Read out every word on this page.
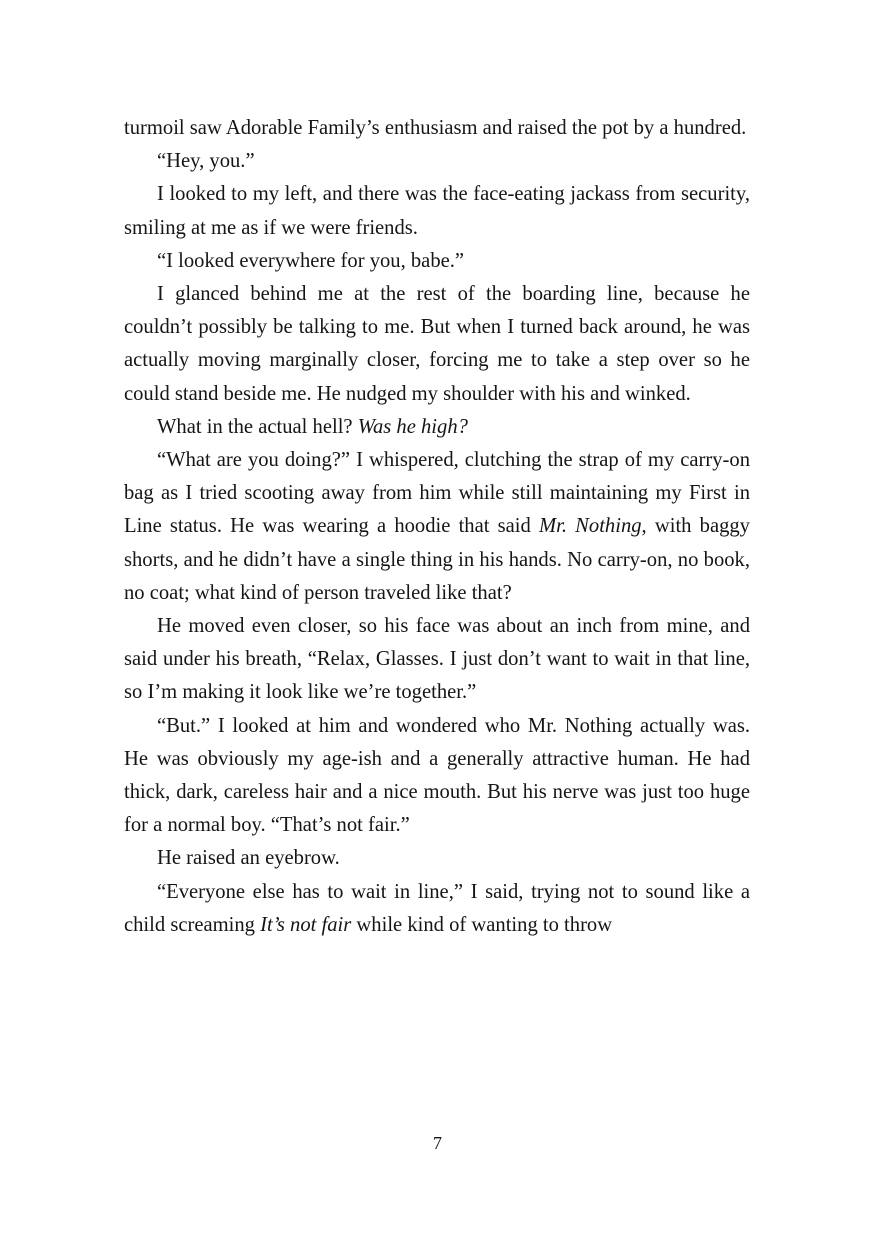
turmoil saw Adorable Family’s enthusiasm and raised the pot by a hundred.

“Hey, you.”

I looked to my left, and there was the face-eating jackass from security, smiling at me as if we were friends.

“I looked everywhere for you, babe.”

I glanced behind me at the rest of the boarding line, because he couldn’t possibly be talking to me. But when I turned back around, he was actually moving marginally closer, forcing me to take a step over so he could stand beside me. He nudged my shoulder with his and winked.

What in the actual hell? Was he high?

“What are you doing?” I whispered, clutching the strap of my carry-on bag as I tried scooting away from him while still maintaining my First in Line status. He was wearing a hoodie that said Mr. Nothing, with baggy shorts, and he didn’t have a single thing in his hands. No carry-on, no book, no coat; what kind of person traveled like that?

He moved even closer, so his face was about an inch from mine, and said under his breath, “Relax, Glasses. I just don’t want to wait in that line, so I’m making it look like we’re together.”

“But.” I looked at him and wondered who Mr. Nothing actually was. He was obviously my age-ish and a generally attractive human. He had thick, dark, careless hair and a nice mouth. But his nerve was just too huge for a normal boy. “That’s not fair.”

He raised an eyebrow.

“Everyone else has to wait in line,” I said, trying not to sound like a child screaming It’s not fair while kind of wanting to throw

7
